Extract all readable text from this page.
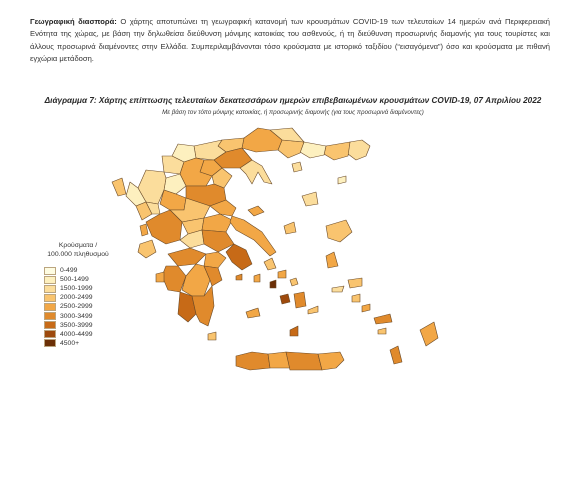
Γεωγραφική διασπορά: Ο χάρτης αποτυπώνει τη γεωγραφική κατανομή των κρουσμάτων COVID-19 των τελευταίων 14 ημερών ανά Περιφερειακή Ενότητα της χώρας, με βάση την δηλωθείσα διεύθυνση μόνιμης κατοικίας του ασθενούς, ή τη διεύθυνση προσωρινής διαμονής για τους τουρίστες και άλλους προσωρινά διαμένοντες στην Ελλάδα. Συμπεριλαμβάνονται τόσο κρούσματα με ιστορικό ταξιδίου (“εισαγόμενα”) όσο και κρούσματα με πιθανή εγχώρια μετάδοση.
Διάγραμμα 7: Χάρτης επίπτωσης τελευταίων δεκατεσσάρων ημερών επιβεβαιωμένων κρουσμάτων COVID-19, 07 Απριλίου 2022
Με βάση τον τόπο μόνιμης κατοικίας, ή προσωρινής διαμονής (για τους προσωρινά διαμένοντες)
Κρούσματα /
100.000 πληθυσμού
0-499
500-1499
1500-1999
2000-2499
2500-2999
3000-3499
3500-3999
4000-4499
4500+
